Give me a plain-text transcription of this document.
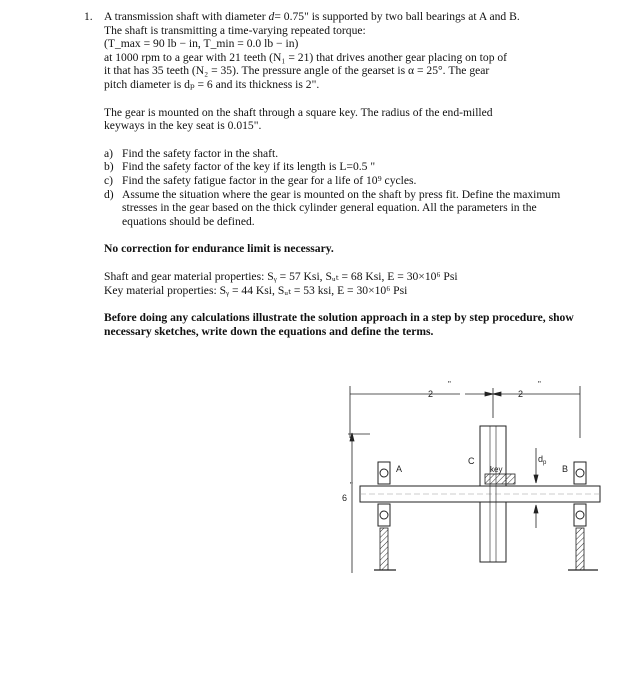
1. A transmission shaft with diameter d= 0.75" is supported by two ball bearings at A and B.
The shaft is transmitting a time-varying repeated torque:
(T_max = 90 lb − in, T_min = 0.0 lb − in)
at 1000 rpm to a gear with 21 teeth (N₁ = 21) that drives another gear placing on top of
it that has 35 teeth (N₂ = 35). The pressure angle of the gearset is α = 25°. The gear
pitch diameter is dₚ = 6 and its thickness is 2".

The gear is mounted on the shaft through a square key. The radius of the end-milled
keyways in the key seat is 0.015".

a) Find the safety factor in the shaft.
b) Find the safety factor of the key if its length is L=0.5 "
c) Find the safety fatigue factor in the gear for a life of 10⁹ cycles.
d) Assume the situation where the gear is mounted on the shaft by press fit. Define the maximum stresses in the gear based on the thick cylinder general equation. All the parameters in the equations should be defined.

No correction for endurance limit is necessary.

Shaft and gear material properties: Sᵧ = 57 Ksi, Sᵤₜ = 68 Ksi, E = 30×10⁶ Psi
Key material properties: Sᵧ = 44 Ksi, Sᵤₜ = 53 ksi, E = 30×10⁶ Psi

Before doing any calculations illustrate the solution approach in a step by step procedure, show necessary sketches, write down the equations and define the terms.

2
"
2
"
6
"
A	key
C	$d_p$
B
